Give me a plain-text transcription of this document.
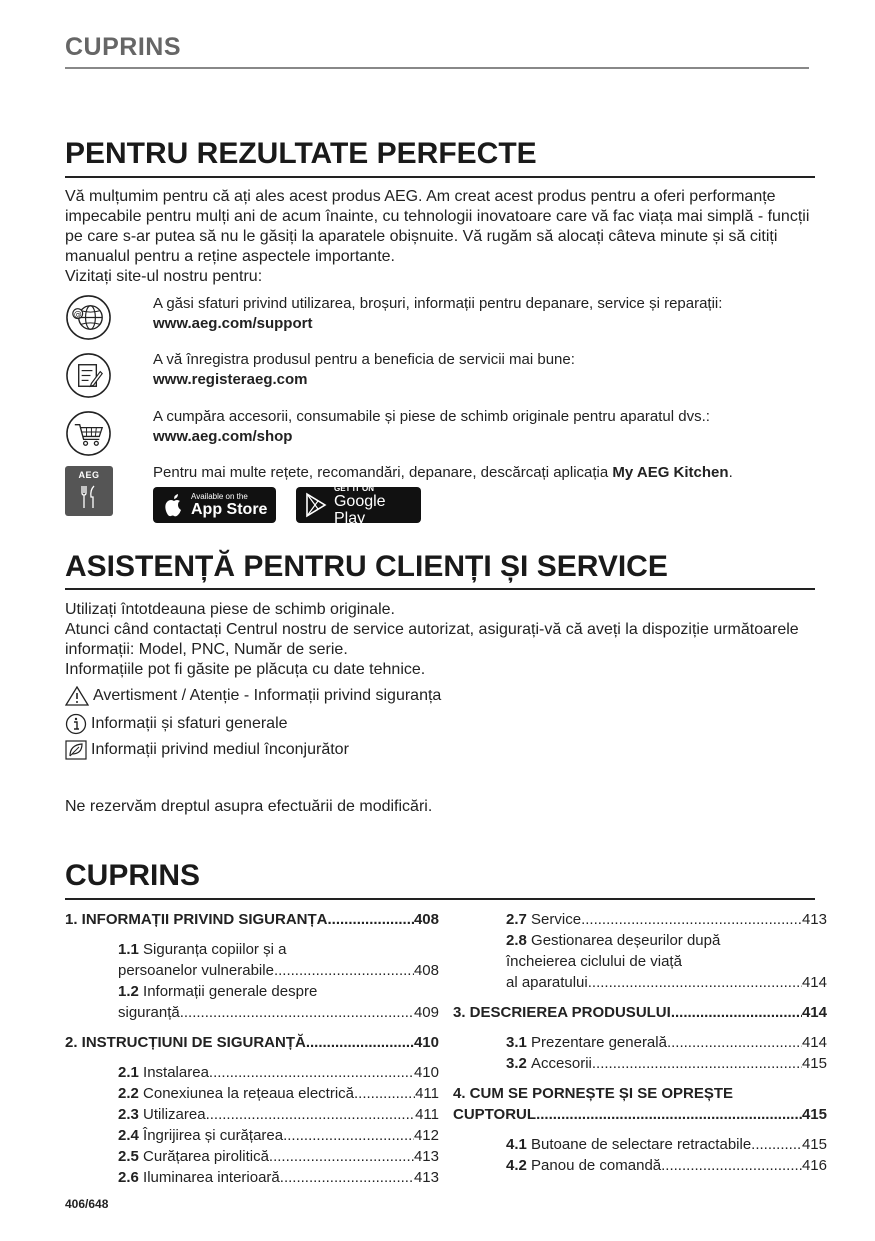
CUPRINS
PENTRU REZULTATE PERFECTE

Vă mulțumim pentru că ați ales acest produs AEG. Am creat acest produs pentru a oferi performanțe impecabile pentru mulți ani de acum înainte, cu tehnologii inovatoare care vă fac viața mai simplă - funcții pe care s-ar putea să nu le găsiți la aparatele obișnuite. Vă rugăm să alocați câteva minute și să citiți manualul pentru a reține aspectele importante.

Vizitați site-ul nostru pentru:

@
A găsi sfaturi privind utilizarea, broșuri, informații pentru depanare, service și reparații:
www.aeg.com/support
A vă înregistra produsul pentru a beneficia de servicii mai bune:
www.registeraeg.com
A cumpăra accesorii, consumabile și piese de schimb originale pentru aparatul dvs.:
www.aeg.com/shop
AEG	Pentru mai multe rețete, recomandări, depanare, descărcați aplicația My AEG Kitchen.
Available on the
App Store
GET IT ON
Google Play
ASISTENȚĂ PENTRU CLIENȚI ȘI SERVICE

Utilizați întotdeauna piese de schimb originale.

Atunci când contactați Centrul nostru de service autorizat, asigurați-vă că aveți la dispoziție următoarele informații: Model, PNC, Număr de serie.

Informațiile pot fi găsite pe plăcuța cu date tehnice.

Avertisment / Atenție - Informații privind siguranța
Informații și sfaturi generale
Informații privind mediul înconjurător
Ne rezervăm dreptul asupra efectuării de modificări.
CUPRINS
1. INFORMAȚII PRIVIND SIGURANȚA .....	408
1.1 Siguranța copiilor și a
persoanelor vulnerabile .....	408
1.2 Informații generale despre
siguranță .....	409
2. INSTRUCȚIUNI DE SIGURANȚĂ .....	410
2.1
Instalarea .....	410
2.2
Conexiunea la rețeaua electrică .....	411
2.3
Utilizarea .....	411
2.4
Îngrijirea și curățarea .....	412
2.5
Curățarea pirolitică .....	413
2.6
Iluminarea interioară .....	413
2.7
Service .....	413
2.8 Gestionarea deșeurilor după
încheierea ciclului de viață
al aparatului .....	414
3. DESCRIEREA PRODUSULUI .....	414
3.1
Prezentare generală .....	414
3.2
Accesorii .....	415
4. CUM SE PORNEȘTE ȘI SE OPREȘTE
CUPTORUL .....	415
4.1
Butoane de selectare retractabile .....	415
4.2
Panou de comandă .....	416
406/648
